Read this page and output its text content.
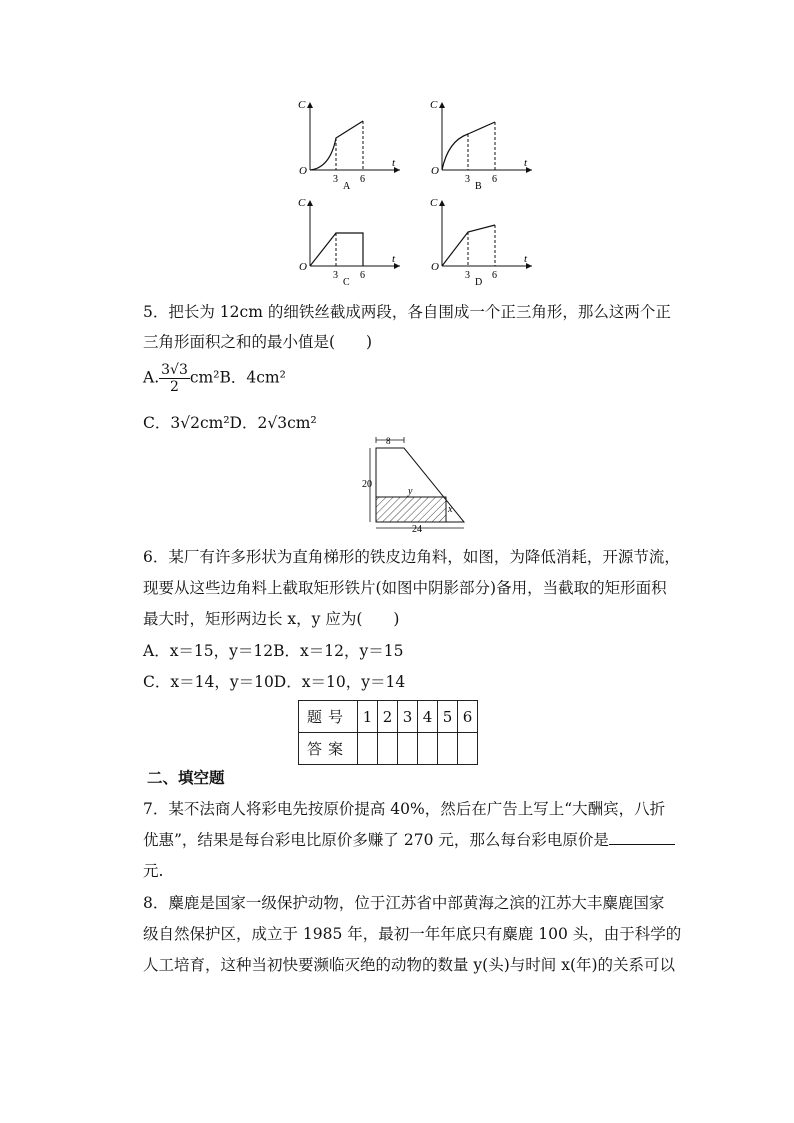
C
O
3 6
t
A
C
O
3 6
t
B
C
O
3 6
t
C
C
O
3 6
t
D
5．把长为 12cm 的细铁丝截成两段，各自围成一个正三角形，那么这两个正
三角形面积之和的最小值是(　　)
A. $\frac{3√3}{2} cm^2B$．4cm²
C．3√2cm²D．2√3cm²
8
20
24
y
x
6．某厂有许多形状为直角梯形的铁皮边角料，如图，为降低消耗，开源节流，
现要从这些边角料上截取矩形铁片(如图中阴影部分)备用，当截取的矩形面积
最大时，矩形两边长 x，y 应为(　　)
A．x＝15，y＝12B．x＝12，y＝15
C．x＝14，y＝10D．x＝10，y＝14
题号	1	2	3	4	5	6
答案						
二、填空题
7．某不法商人将彩电先按原价提高 40%，然后在广告上写上“大酬宾，八折
优惠”，结果是每台彩电比原价多赚了 270 元，那么每台彩电原价是
元.
8．麋鹿是国家一级保护动物，位于江苏省中部黄海之滨的江苏大丰麋鹿国家
级自然保护区，成立于 1985 年，最初一年年底只有麋鹿 100 头，由于科学的
人工培育，这种当初快要濒临灭绝的动物的数量 y(头)与时间 x(年)的关系可以
